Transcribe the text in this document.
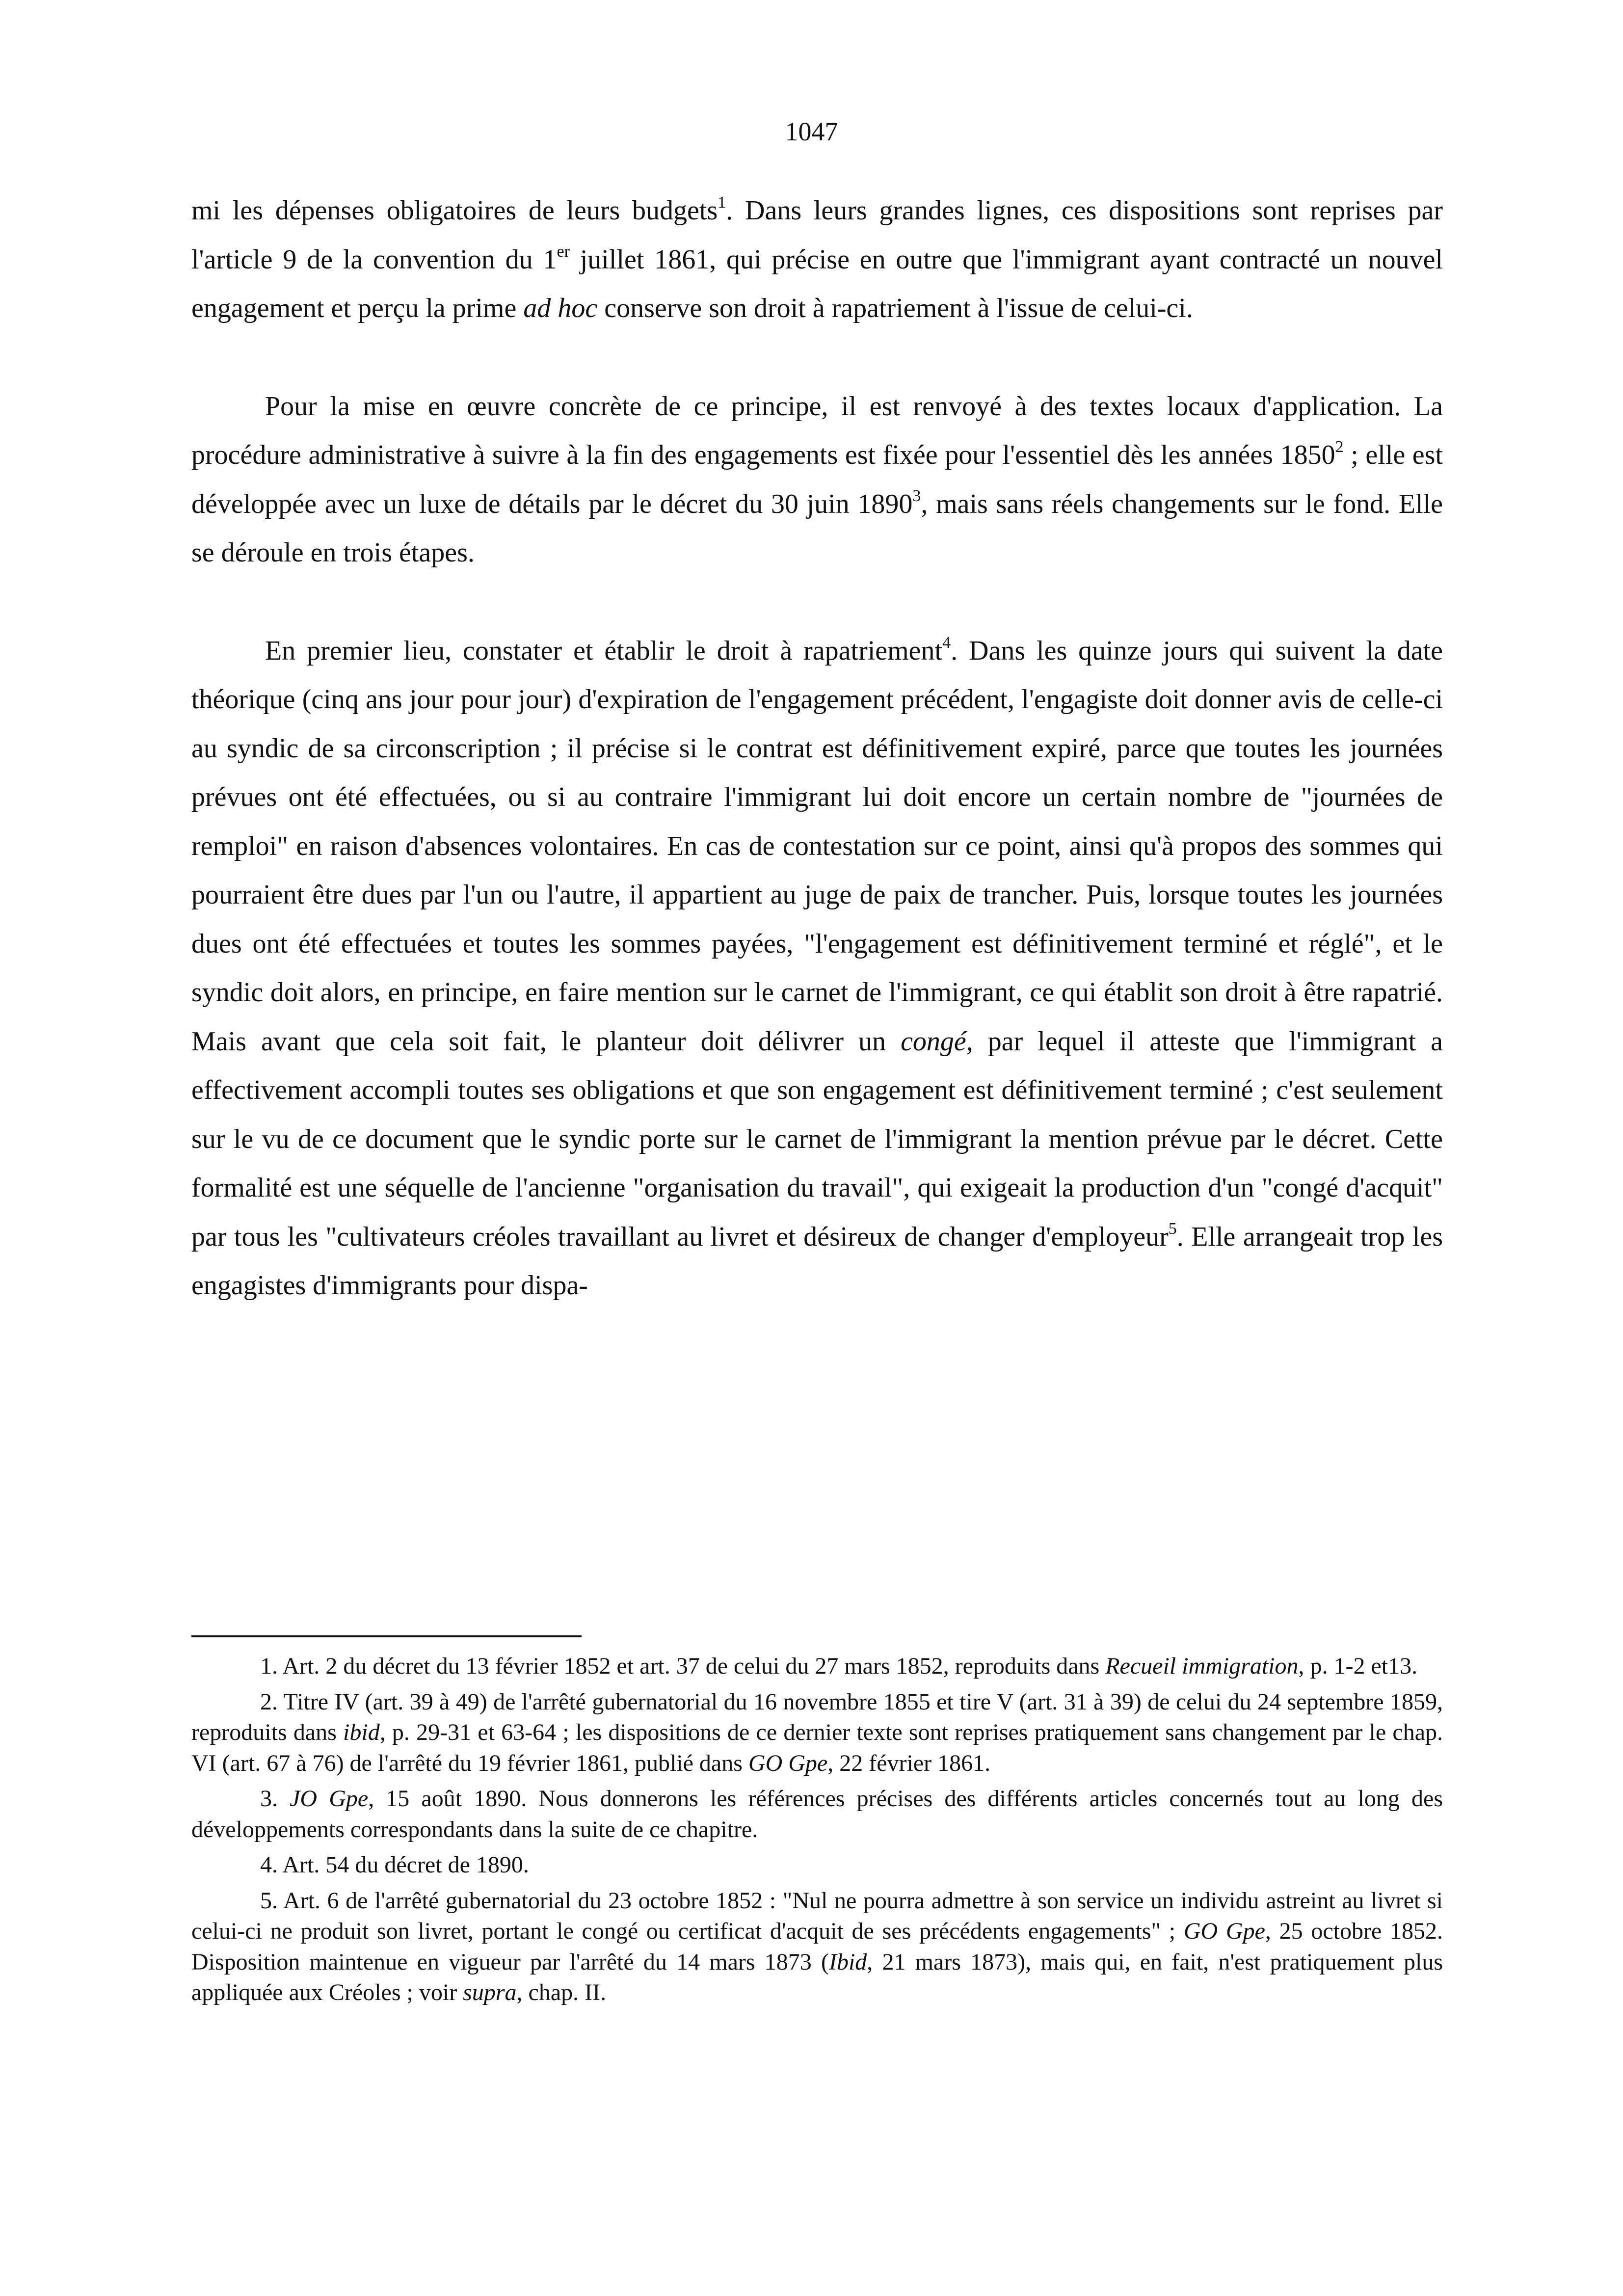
1047

mi les dépenses obligatoires de leurs budgets$^1$. Dans leurs grandes lignes, ces dispositions sont reprises par l'article 9 de la convention du 1er juillet 1861, qui précise en outre que l'immigrant ayant contracté un nouvel engagement et perçu la prime ad hoc conserve son droit à rapatriement à l'issue de celui-ci.

Pour la mise en œuvre concrète de ce principe, il est renvoyé à des textes locaux d'application. La procédure administrative à suivre à la fin des engagements est fixée pour l'essentiel dès les années 1850$^2$ ; elle est développée avec un luxe de détails par le décret du 30 juin 1890$^3$, mais sans réels changements sur le fond. Elle se déroule en trois étapes.

En premier lieu, constater et établir le droit à rapatriement$^4$. Dans les quinze jours qui suivent la date théorique (cinq ans jour pour jour) d'expiration de l'engagement précédent, l'engagiste doit donner avis de celle-ci au syndic de sa circonscription ; il précise si le contrat est définitivement expiré, parce que toutes les journées prévues ont été effectuées, ou si au contraire l'immigrant lui doit encore un certain nombre de "journées de remploi" en raison d'absences volontaires. En cas de contestation sur ce point, ainsi qu'à propos des sommes qui pourraient être dues par l'un ou l'autre, il appartient au juge de paix de trancher. Puis, lorsque toutes les journées dues ont été effectuées et toutes les sommes payées, "l'engagement est définitivement terminé et réglé", et le syndic doit alors, en principe, en faire mention sur le carnet de l'immigrant, ce qui établit son droit à être rapatrié. Mais avant que cela soit fait, le planteur doit délivrer un congé, par lequel il atteste que l'immigrant a effectivement accompli toutes ses obligations et que son engagement est définitivement terminé ; c'est seulement sur le vu de ce document que le syndic porte sur le carnet de l'immigrant la mention prévue par le décret. Cette formalité est une séquelle de l'ancienne "organisation du travail", qui exigeait la production d'un "congé d'acquit" par tous les "cultivateurs créoles travaillant au livret et désireux de changer d'employeur$^5$. Elle arrangeait trop les engagistes d'immigrants pour dispa-

1. Art. 2 du décret du 13 février 1852 et art. 37 de celui du 27 mars 1852, reproduits dans Recueil immigration, p. 1-2 et13.

2. Titre IV (art. 39 à 49) de l'arrêté gubernatorial du 16 novembre 1855 et tire V (art. 31 à 39) de celui du 24 septembre 1859, reproduits dans ibid, p. 29-31 et 63-64 ; les dispositions de ce dernier texte sont reprises pratiquement sans changement par le chap. VI (art. 67 à 76) de l'arrêté du 19 février 1861, publié dans GO Gpe, 22 février 1861.

3. JO Gpe, 15 août 1890. Nous donnerons les références précises des différents articles concernés tout au long des développements correspondants dans la suite de ce chapitre.

4. Art. 54 du décret de 1890.

5. Art. 6 de l'arrêté gubernatorial du 23 octobre 1852 : "Nul ne pourra admettre à son service un individu astreint au livret si celui-ci ne produit son livret, portant le congé ou certificat d'acquit de ses précédents engagements" ; GO Gpe, 25 octobre 1852. Disposition maintenue en vigueur par l'arrêté du 14 mars 1873 (Ibid, 21 mars 1873), mais qui, en fait, n'est pratiquement plus appliquée aux Créoles ; voir supra, chap. II.
